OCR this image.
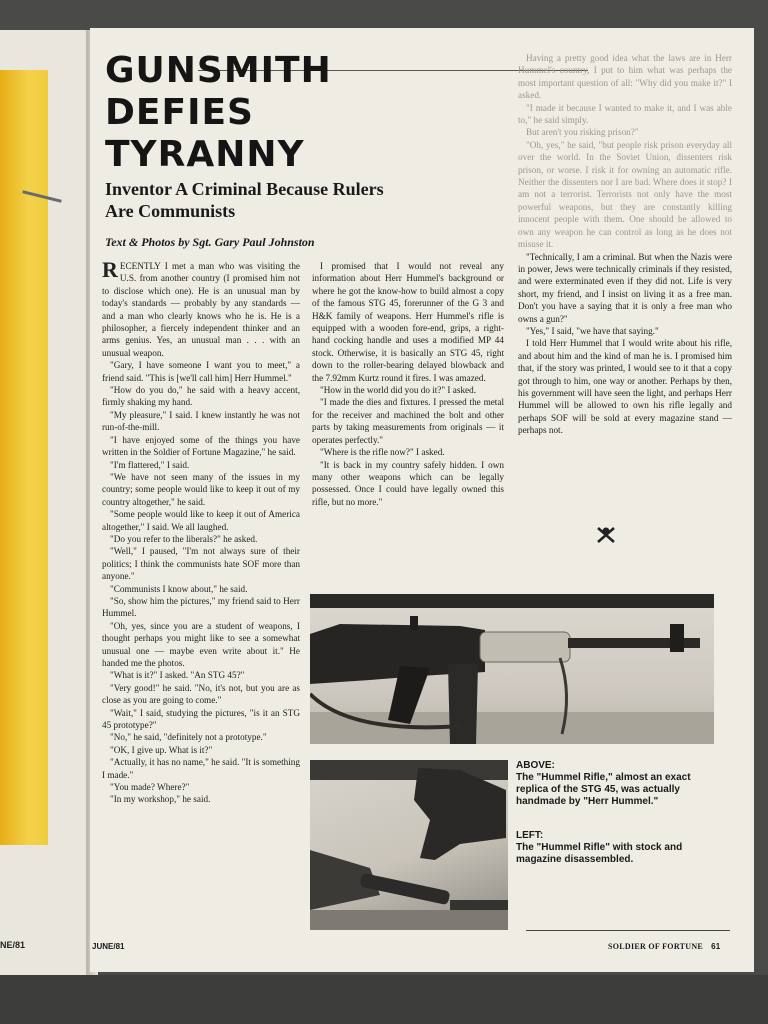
NE/81
GUNSMITH
DEFIES
TYRANNY
Inventor A Criminal Because Rulers
Are Communists
Text & Photos by Sgt. Gary Paul Johnston

RECENTLY I met a man who was visiting the U.S. from another country (I promised him not to disclose which one). He is an unusual man by today's standards — probably by any standards — and a man who clearly knows who he is. He is a philosopher, a fiercely independent thinker and an arms genius. Yes, an unusual man . . . with an unusual weapon.

"Gary, I have someone I want you to meet," a friend said. "This is [we'll call him] Herr Hummel."

"How do you do," he said with a heavy accent, firmly shaking my hand.

"My pleasure," I said. I knew instantly he was not run-of-the-mill.

"I have enjoyed some of the things you have written in the Soldier of Fortune Magazine," he said.

"I'm flattered," I said.

"We have not seen many of the issues in my country; some people would like to keep it out of my country altogether," he said.

"Some people would like to keep it out of America altogether," I said. We all laughed.

"Do you refer to the liberals?" he asked.

"Well," I paused, "I'm not always sure of their politics; I think the communists hate SOF more than anyone."

"Communists I know about," he said.

"So, show him the pictures," my friend said to Herr Hummel.

"Oh, yes, since you are a student of weapons, I thought perhaps you might like to see a somewhat unusual one — maybe even write about it." He handed me the photos.

"What is it?" I asked. "An STG 45?"

"Very good!" he said. "No, it's not, but you are as close as you are going to come."

"Wait," I said, studying the pictures, "is it an STG 45 prototype?"

"No," he said, "definitely not a prototype."

"OK, I give up. What is it?"

"Actually, it has no name," he said. "It is something I made."

"You made? Where?"

"In my workshop," he said.

I promised that I would not reveal any information about Herr Hummel's background or where he got the know-how to build almost a copy of the famous STG 45, forerunner of the G 3 and H&K family of weapons. Herr Hummel's rifle is equipped with a wooden fore-end, grips, a right-hand cocking handle and uses a modified MP 44 stock. Otherwise, it is basically an STG 45, right down to the roller-bearing delayed blowback and the 7.92mm Kurtz round it fires. I was amazed.

"How in the world did you do it?" I asked.

"I made the dies and fixtures. I pressed the metal for the receiver and machined the bolt and other parts by taking measurements from originals — it operates perfectly."

"Where is the rifle now?" I asked.

"It is back in my country safely hidden. I own many other weapons which can be legally possessed. Once I could have legally owned this rifle, but no more."

Having a pretty good idea what the laws are in Herr Hummel's country, I put to him what was perhaps the most important question of all: "Why did you make it?" I asked.

"I made it because I wanted to make it, and I was able to," he said simply.

But aren't you risking prison?"

"Oh, yes," he said, "but people risk prison everyday all over the world. In the Soviet Union, dissenters risk prison, or worse. I risk it for owning an automatic rifle. Neither the dissenters nor I are bad. Where does it stop? I am not a terrorist. Terrorists not only have the most powerful weapons, but they are constantly killing innocent people with them. One should be allowed to own any weapon he can control as long as he does not misuse it.

"Technically, I am a criminal. But when the Nazis were in power, Jews were technically criminals if they resisted, and were exterminated even if they did not. Life is very short, my friend, and I insist on living it as a free man. Don't you have a saying that it is only a free man who owns a gun?"

"Yes," I said, "we have that saying."

I told Herr Hummel that I would write about his rifle, and about him and the kind of man he is. I promised him that, if the story was printed, I would see to it that a copy got through to him, one way or another. Perhaps by then, his government will have seen the light, and perhaps Herr Hummel will be allowed to own his rifle legally and perhaps SOF will be sold at every magazine stand — perhaps not.

ABOVE:
The "Hummel Rifle," almost an exact replica of the STG 45, was actually handmade by "Herr Hummel."
LEFT:
The "Hummel Rifle" with stock and magazine disassembled.
JUNE/81	SOLDIER OF FORTUNE 61
